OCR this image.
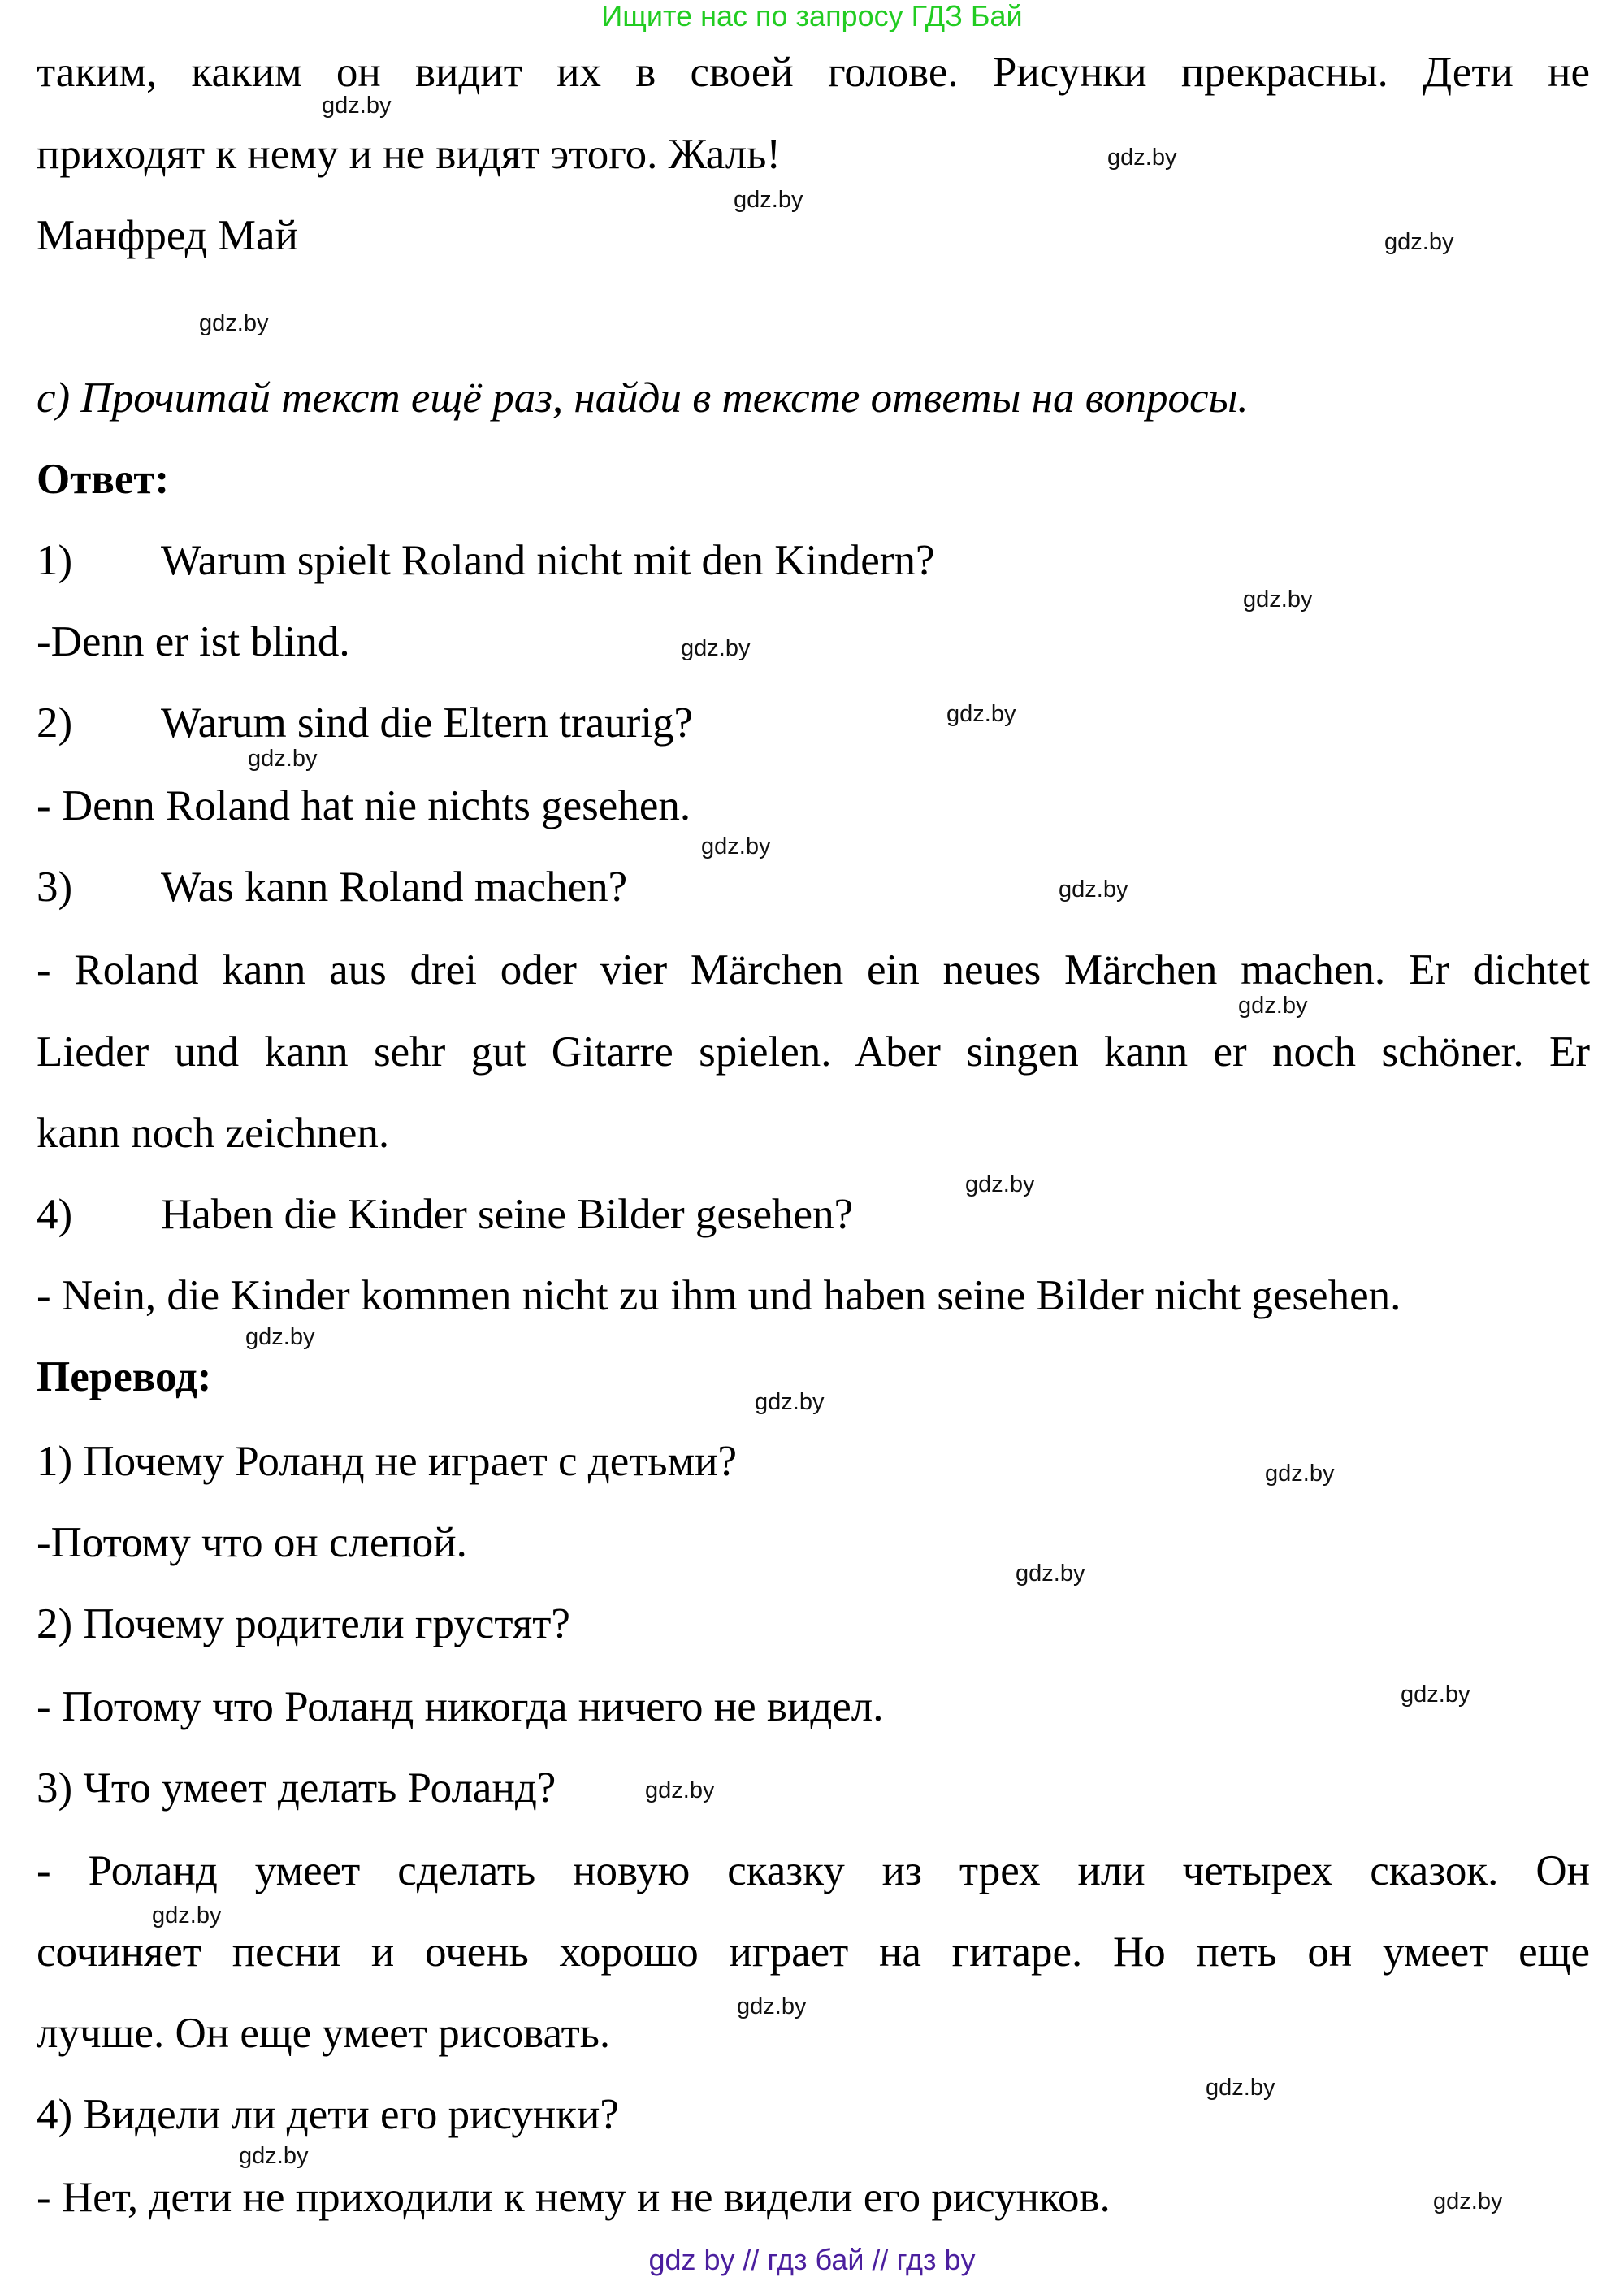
Ищите нас по запросу ГДЗ Бай
таким, каким он видит их в своей голове. Рисунки прекрасны. Дети не
приходят к нему и не видят этого. Жаль!
Манфред Май
c) Прочитай текст ещё раз, найди в тексте ответы на вопросы.
Ответ:
-Denn er ist blind.
- Denn Roland hat nie nichts gesehen.
- Roland kann aus drei oder vier Märchen ein neues Märchen machen. Er dichtet
Lieder und kann sehr gut Gitarre spielen. Aber singen kann er noch schöner. Er
kann noch zeichnen.
- Nein, die Kinder kommen nicht zu ihm und haben seine Bilder nicht gesehen.
Перевод:
1) Почему Роланд не играет с детьми?
-Потому что он слепой.
2) Почему родители грустят?
- Потому что Роланд никогда ничего не видел.
3) Что умеет делать Роланд?
- Роланд умеет сделать новую сказку из трех или четырех сказок. Он
сочиняет песни и очень хорошо играет на гитаре. Но петь он умеет еще
лучше. Он еще умеет рисовать.
4) Видели ли дети его рисунки?
- Нет, дети не приходили к нему и не видели его рисунков.
1) Warum spielt Roland nicht mit den Kindern?
2) Warum sind die Eltern traurig?
3) Was kann Roland machen?
4) Haben die Kinder seine Bilder gesehen?
gdz.by
gdz.by
gdz.by
gdz.by
gdz.by
gdz.by
gdz.by
gdz.by
gdz.by
gdz.by
gdz.by
gdz.by
gdz.by
gdz.by
gdz.by
gdz.by
gdz.by
gdz.by
gdz.by
gdz.by
gdz.by
gdz.by
gdz.by
gdz.by
gdz by // гдз бай // гдз by
